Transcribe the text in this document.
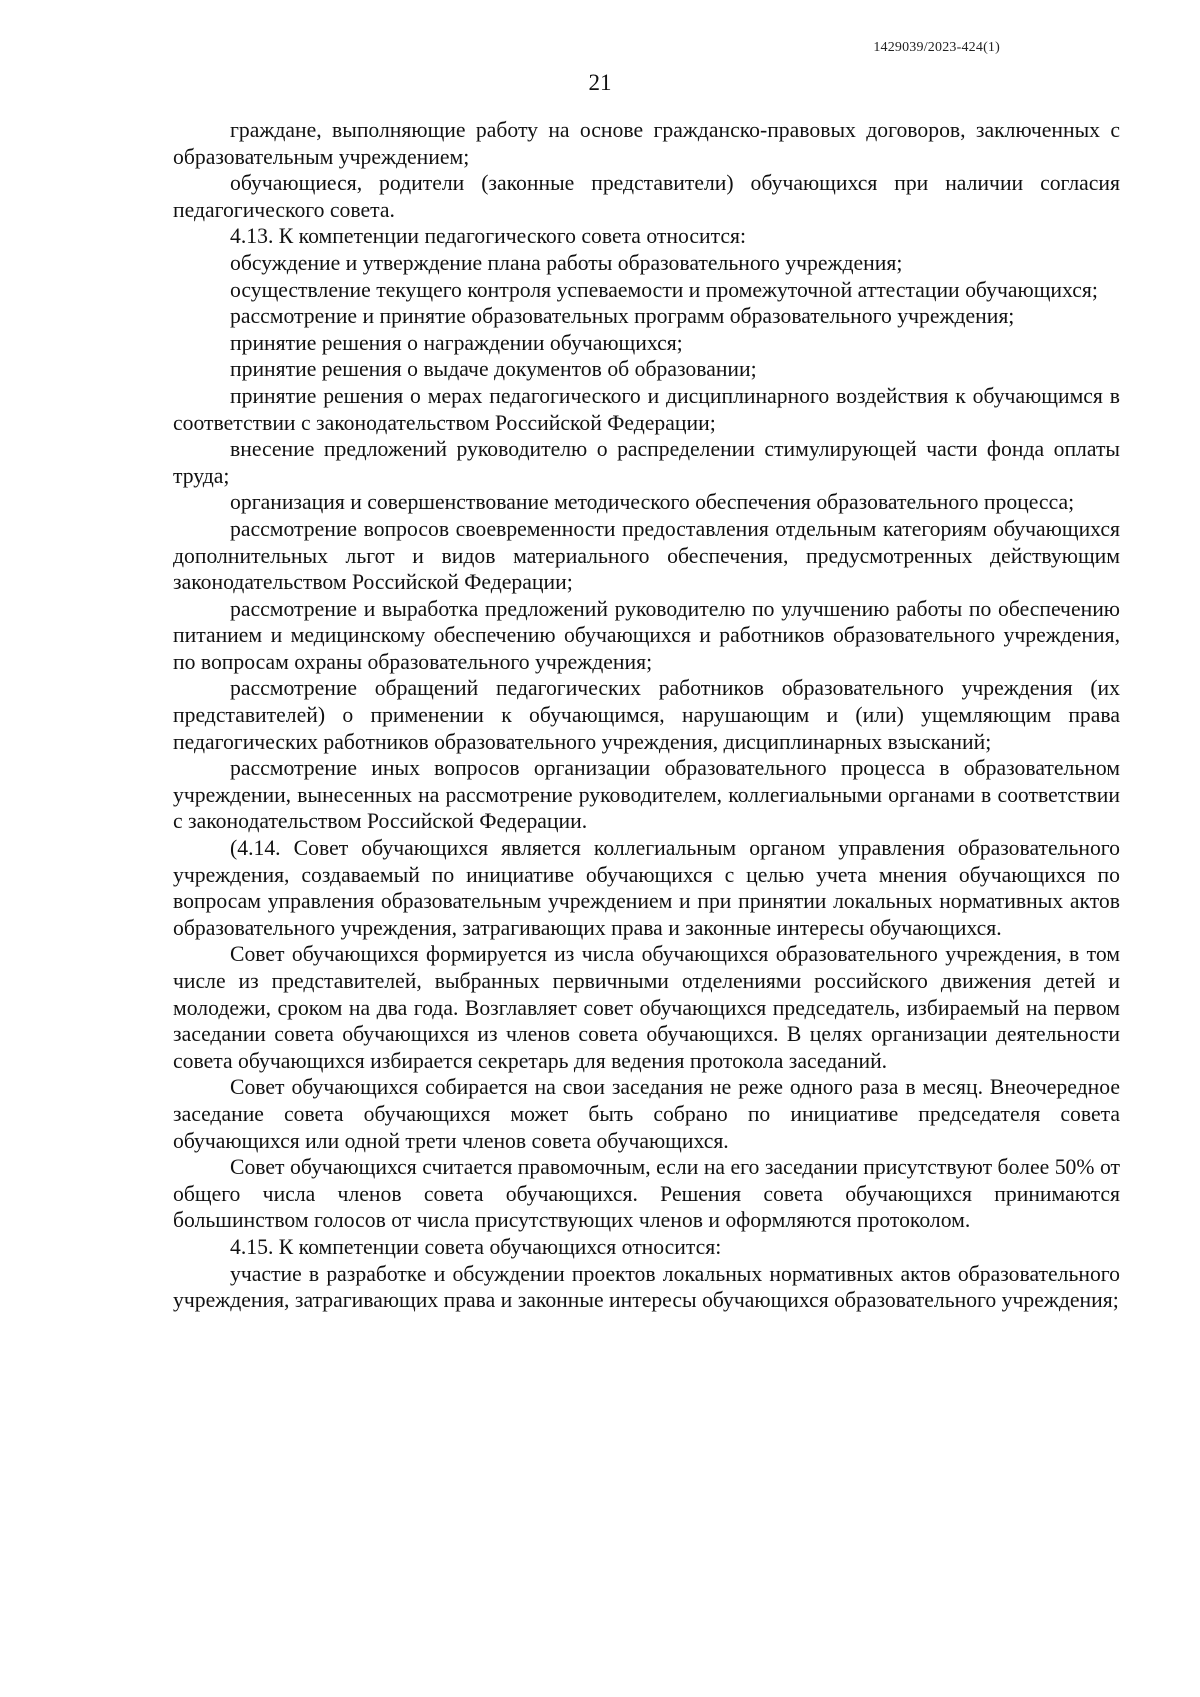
1429039/2023-424(1)
21

граждане, выполняющие работу на основе гражданско-правовых договоров, заключенных с образовательным учреждением;

обучающиеся, родители (законные представители) обучающихся при наличии согласия педагогического совета.

4.13. К компетенции педагогического совета относится:

обсуждение и утверждение плана работы образовательного учреждения;

осуществление текущего контроля успеваемости и промежуточной аттестации обучающихся;

рассмотрение и принятие образовательных программ образовательного учреждения;

принятие решения о награждении обучающихся;

принятие решения о выдаче документов об образовании;

принятие решения о мерах педагогического и дисциплинарного воздействия к обучающимся в соответствии с законодательством Российской Федерации;

внесение предложений руководителю о распределении стимулирующей части фонда оплаты труда;

организация и совершенствование методического обеспечения образовательного процесса;

рассмотрение вопросов своевременности предоставления отдельным категориям обучающихся дополнительных льгот и видов материального обеспечения, предусмотренных действующим законодательством Российской Федерации;

рассмотрение и выработка предложений руководителю по улучшению работы по обеспечению питанием и медицинскому обеспечению обучающихся и работников образовательного учреждения, по вопросам охраны образовательного учреждения;

рассмотрение обращений педагогических работников образовательного учреждения (их представителей) о применении к обучающимся, нарушающим и (или) ущемляющим права педагогических работников образовательного учреждения, дисциплинарных взысканий;

рассмотрение иных вопросов организации образовательного процесса в образовательном учреждении, вынесенных на рассмотрение руководителем, коллегиальными органами в соответствии с законодательством Российской Федерации.

(4.14. Совет обучающихся является коллегиальным органом управления образовательного учреждения, создаваемый по инициативе обучающихся с целью учета мнения обучающихся по вопросам управления образовательным учреждением и при принятии локальных нормативных актов образовательного учреждения, затрагивающих права и законные интересы обучающихся.

Совет обучающихся формируется из числа обучающихся образовательного учреждения, в том числе из представителей, выбранных первичными отделениями российского движения детей и молодежи, сроком на два года. Возглавляет совет обучающихся председатель, избираемый на первом заседании совета обучающихся из членов совета обучающихся. В целях организации деятельности совета обучающихся избирается секретарь для ведения протокола заседаний.

Совет обучающихся собирается на свои заседания не реже одного раза в месяц. Внеочередное заседание совета обучающихся может быть собрано по инициативе председателя совета обучающихся или одной трети членов совета обучающихся.

Совет обучающихся считается правомочным, если на его заседании присутствуют более 50% от общего числа членов совета обучающихся. Решения совета обучающихся принимаются большинством голосов от числа присутствующих членов и оформляются протоколом.

4.15. К компетенции совета обучающихся относится:

участие в разработке и обсуждении проектов локальных нормативных актов образовательного учреждения, затрагивающих права и законные интересы обучающихся образовательного учреждения;
